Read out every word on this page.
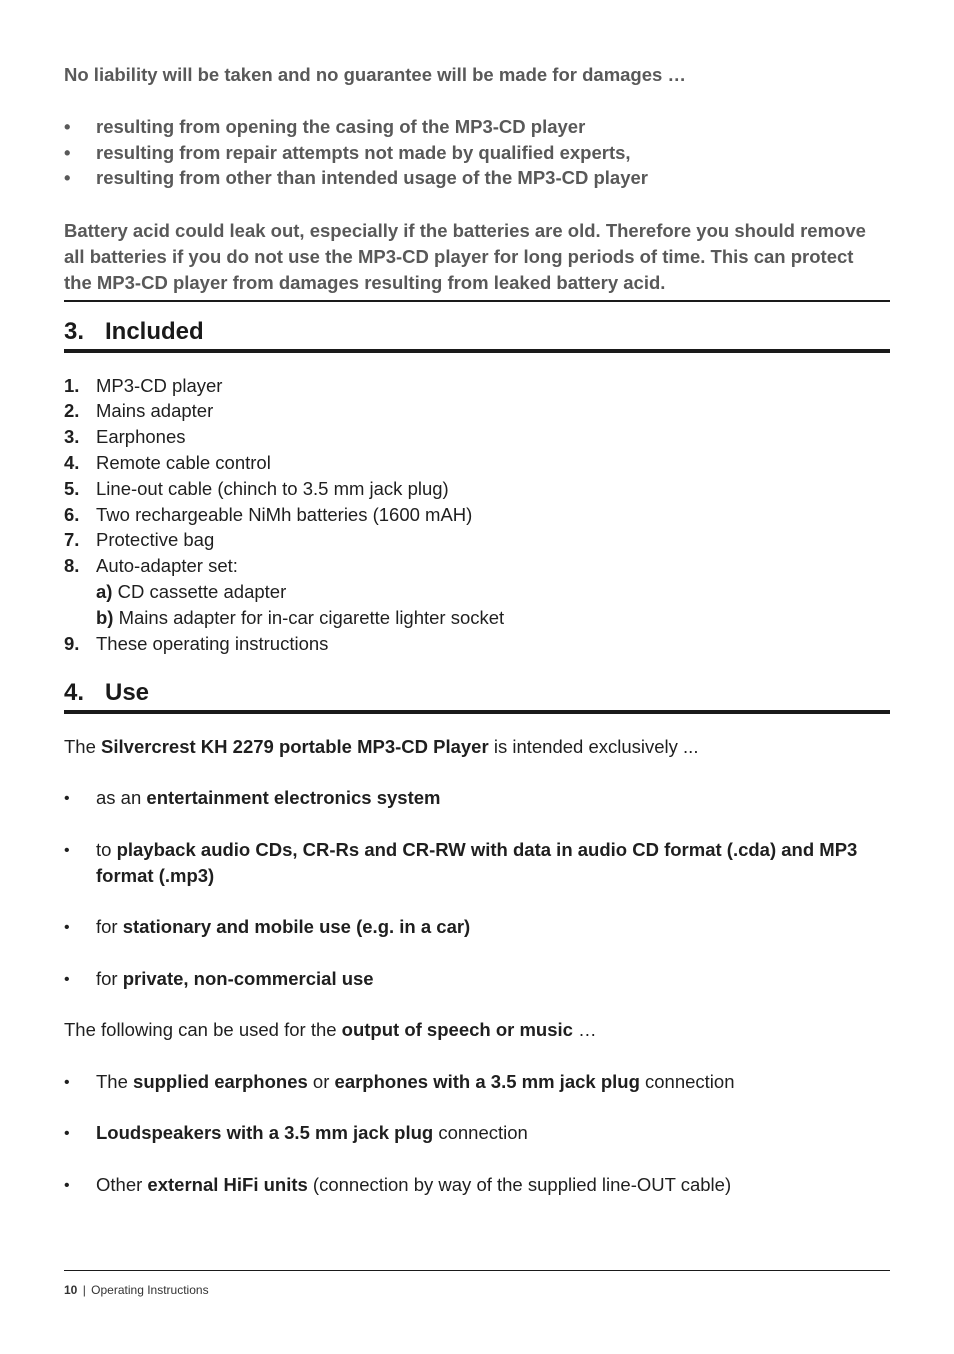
No liability will be taken and no guarantee will be made for damages …
• resulting from opening the casing of the MP3-CD player
• resulting from repair attempts not made by qualified experts,
• resulting from other than intended usage of the MP3-CD player
Battery acid could leak out, especially if the batteries are old. Therefore you should remove
all batteries if you do not use the MP3-CD player for long periods of time. This can protect
the MP3-CD player from damages resulting from leaked battery acid.
3. Included
1. MP3-CD player
2. Mains adapter
3. Earphones
4. Remote cable control
5. Line-out cable (chinch to 3.5 mm jack plug)
6. Two rechargeable NiMh batteries (1600 mAH)
7. Protective bag
8. Auto-adapter set:
a) CD cassette adapter
b) Mains adapter for in-car cigarette lighter socket
9. These operating instructions
4. Use
The Silvercrest KH 2279 portable MP3-CD Player is intended exclusively ...
• as an entertainment electronics system
• to playback audio CDs, CR-Rs and CR-RW with data in audio CD format (.cda) and MP3
format (.mp3)
• for stationary and mobile use (e.g. in a car)
• for private, non-commercial use
The following can be used for the output of speech or music …
• The supplied earphones or earphones with a 3.5 mm jack plug connection
• Loudspeakers with a 3.5 mm jack plug connection
• Other external HiFi units (connection by way of the supplied line-OUT cable)
10 | Operating Instructions
